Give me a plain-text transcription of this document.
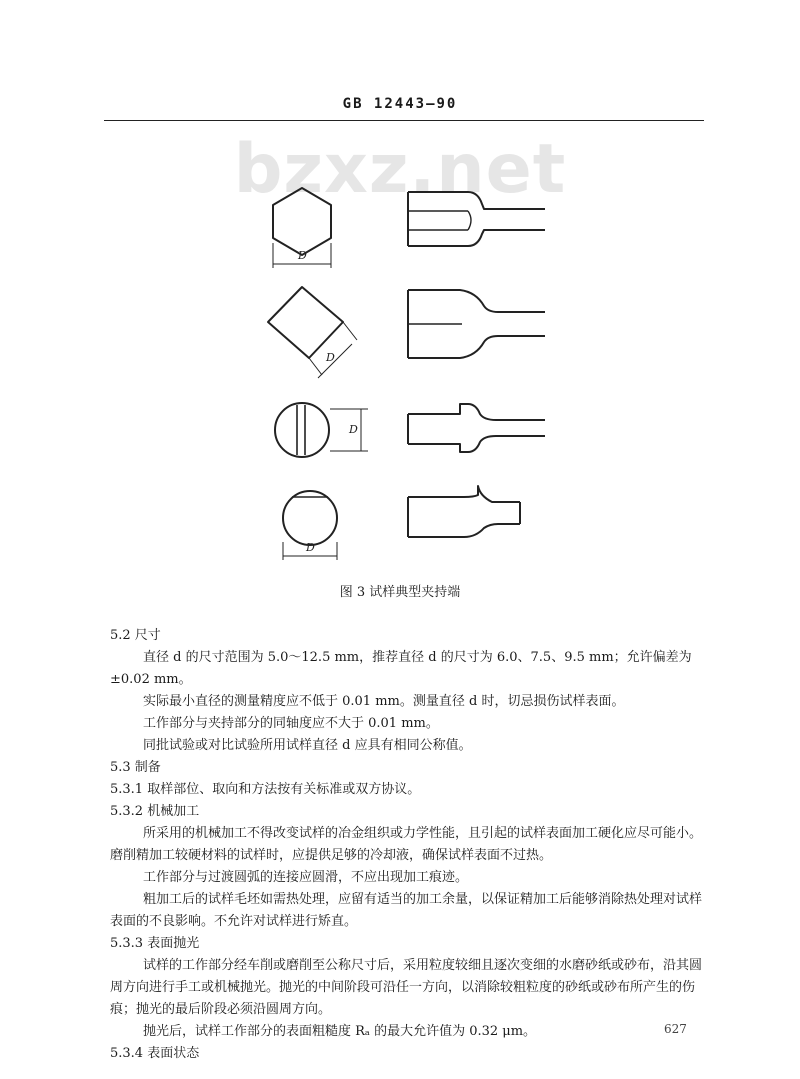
GB 12443—90
bzxz.net
D
D
D
D
图 3 试样典型夹持端
5.2 尺寸
直径 d 的尺寸范围为 5.0～12.5 mm，推荐直径 d 的尺寸为 6.0、7.5、9.5 mm；允许偏差为
±0.02 mm。
实际最小直径的测量精度应不低于 0.01 mm。测量直径 d 时，切忌损伤试样表面。
工作部分与夹持部分的同轴度应不大于 0.01 mm。
同批试验或对比试验所用试样直径 d 应具有相同公称值。
5.3 制备
5.3.1 取样部位、取向和方法按有关标准或双方协议。
5.3.2 机械加工
所采用的机械加工不得改变试样的冶金组织或力学性能，且引起的试样表面加工硬化应尽可能小。
磨削精加工较硬材料的试样时，应提供足够的冷却液，确保试样表面不过热。
工作部分与过渡圆弧的连接应圆滑，不应出现加工痕迹。
粗加工后的试样毛坯如需热处理，应留有适当的加工余量，以保证精加工后能够消除热处理对试样
表面的不良影响。不允许对试样进行矫直。
5.3.3 表面抛光
试样的工作部分经车削或磨削至公称尺寸后，采用粒度较细且逐次变细的水磨砂纸或砂布，沿其圆
周方向进行手工或机械抛光。抛光的中间阶段可沿任一方向，以消除较粗粒度的砂纸或砂布所产生的伤
痕；抛光的最后阶段必须沿圆周方向。
抛光后，试样工作部分的表面粗糙度 Rₐ 的最大允许值为 0.32 μm。
5.3.4 表面状态
627
